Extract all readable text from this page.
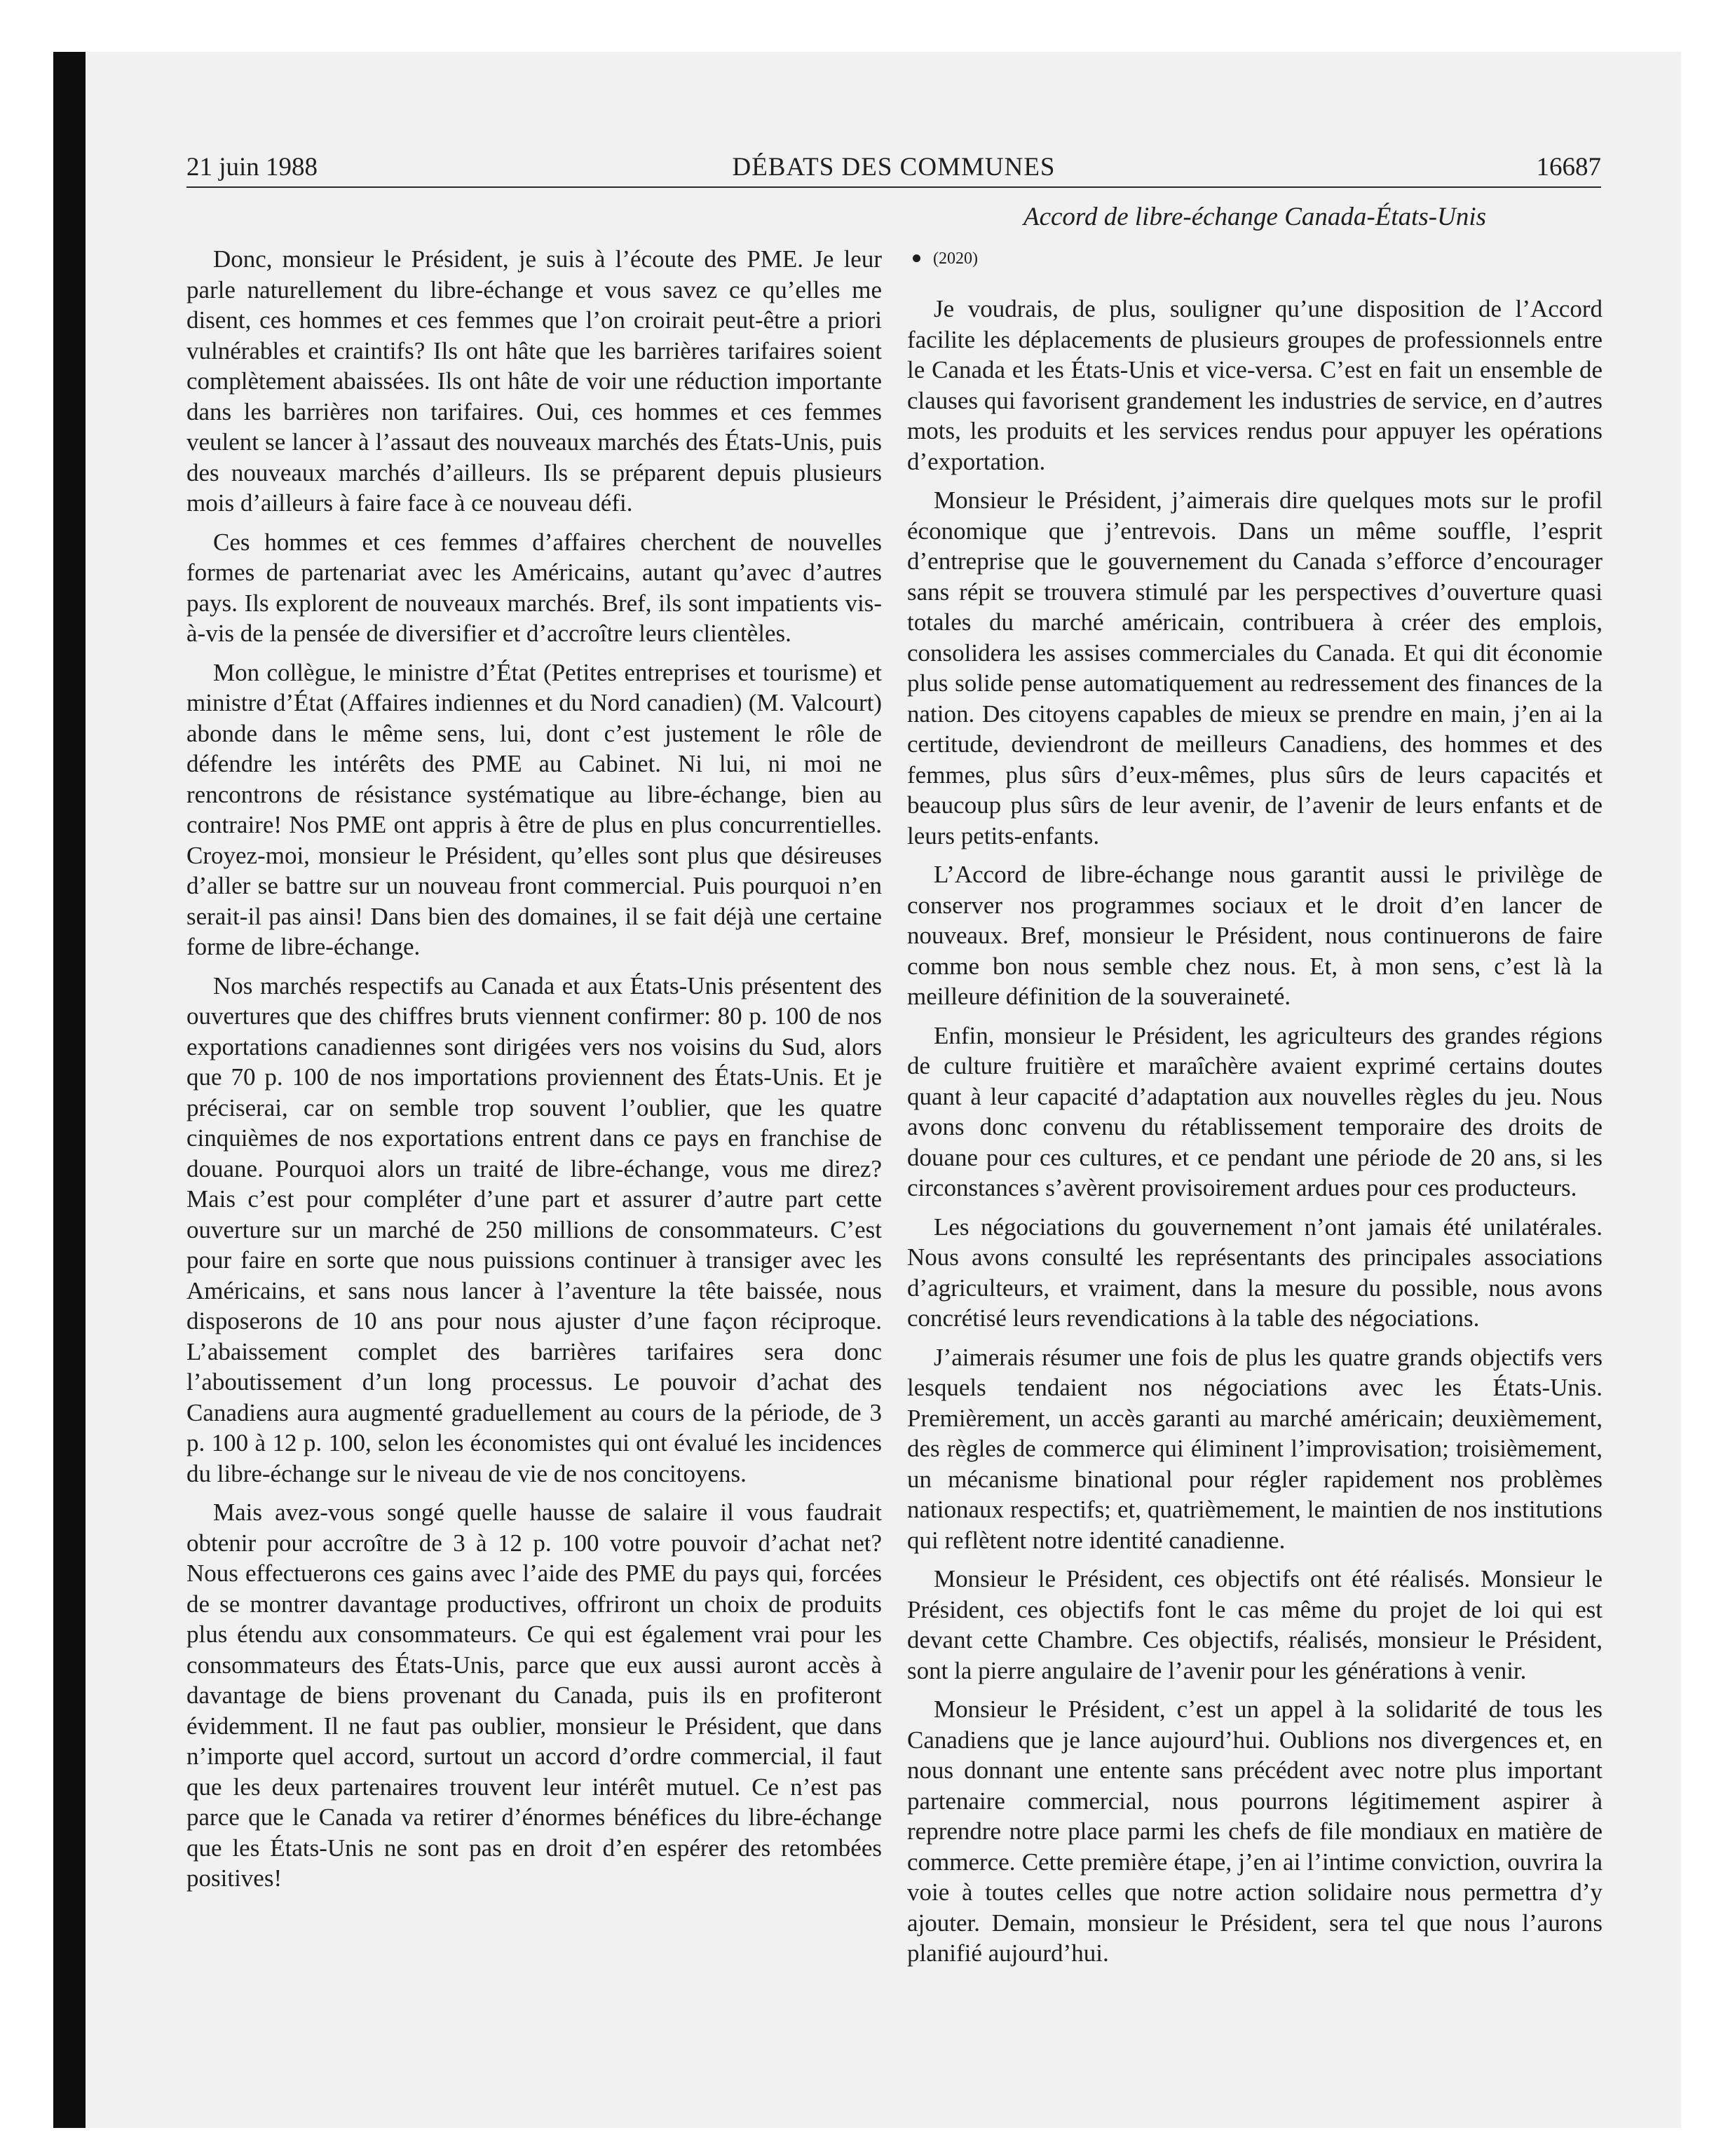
21 juin 1988	DÉBATS DES COMMUNES	16687
Accord de libre-échange Canada-États-Unis

Donc, monsieur le Président, je suis à l’écoute des PME. Je leur parle naturellement du libre-échange et vous savez ce qu’elles me disent, ces hommes et ces femmes que l’on croirait peut-être a priori vulnérables et craintifs? Ils ont hâte que les barrières tarifaires soient complètement abaissées. Ils ont hâte de voir une réduction importante dans les barrières non tarifaires. Oui, ces hommes et ces femmes veulent se lancer à l’assaut des nouveaux marchés des États-Unis, puis des nouveaux marchés d’ailleurs. Ils se préparent depuis plusieurs mois d’ailleurs à faire face à ce nouveau défi.

Ces hommes et ces femmes d’affaires cherchent de nouvelles formes de partenariat avec les Américains, autant qu’avec d’autres pays. Ils explorent de nouveaux marchés. Bref, ils sont impatients vis-à-vis de la pensée de diversifier et d’accroître leurs clientèles.

Mon collègue, le ministre d’État (Petites entreprises et tourisme) et ministre d’État (Affaires indiennes et du Nord canadien) (M. Valcourt) abonde dans le même sens, lui, dont c’est justement le rôle de défendre les intérêts des PME au Cabinet. Ni lui, ni moi ne rencontrons de résistance systématique au libre-échange, bien au contraire! Nos PME ont appris à être de plus en plus concurrentielles. Croyez-moi, monsieur le Président, qu’elles sont plus que désireuses d’aller se battre sur un nouveau front commercial. Puis pourquoi n’en serait-il pas ainsi! Dans bien des domaines, il se fait déjà une certaine forme de libre-échange.

Nos marchés respectifs au Canada et aux États-Unis présentent des ouvertures que des chiffres bruts viennent confirmer: 80 p. 100 de nos exportations canadiennes sont dirigées vers nos voisins du Sud, alors que 70 p. 100 de nos importations proviennent des États-Unis. Et je préciserai, car on semble trop souvent l’oublier, que les quatre cinquièmes de nos exportations entrent dans ce pays en franchise de douane. Pourquoi alors un traité de libre-échange, vous me direz? Mais c’est pour compléter d’une part et assurer d’autre part cette ouverture sur un marché de 250 millions de consommateurs. C’est pour faire en sorte que nous puissions continuer à transiger avec les Américains, et sans nous lancer à l’aventure la tête baissée, nous disposerons de 10 ans pour nous ajuster d’une façon réciproque. L’abaissement complet des barrières tarifaires sera donc l’aboutissement d’un long processus. Le pouvoir d’achat des Canadiens aura augmenté graduellement au cours de la période, de 3 p. 100 à 12 p. 100, selon les économistes qui ont évalué les incidences du libre-échange sur le niveau de vie de nos concitoyens.

Mais avez-vous songé quelle hausse de salaire il vous faudrait obtenir pour accroître de 3 à 12 p. 100 votre pouvoir d’achat net? Nous effectuerons ces gains avec l’aide des PME du pays qui, forcées de se montrer davantage productives, offriront un choix de produits plus étendu aux consommateurs. Ce qui est également vrai pour les consommateurs des États-Unis, parce que eux aussi auront accès à davantage de biens provenant du Canada, puis ils en profiteront évidemment. Il ne faut pas oublier, monsieur le Président, que dans n’importe quel accord, surtout un accord d’ordre commercial, il faut que les deux partenaires trouvent leur intérêt mutuel. Ce n’est pas parce que le Canada va retirer d’énormes bénéfices du libre-échange que les États-Unis ne sont pas en droit d’en espérer des retombées positives!

(2020)

Je voudrais, de plus, souligner qu’une disposition de l’Accord facilite les déplacements de plusieurs groupes de professionnels entre le Canada et les États-Unis et vice-versa. C’est en fait un ensemble de clauses qui favorisent grandement les industries de service, en d’autres mots, les produits et les services rendus pour appuyer les opérations d’exportation.

Monsieur le Président, j’aimerais dire quelques mots sur le profil économique que j’entrevois. Dans un même souffle, l’esprit d’entreprise que le gouvernement du Canada s’efforce d’encourager sans répit se trouvera stimulé par les perspectives d’ouverture quasi totales du marché américain, contribuera à créer des emplois, consolidera les assises commerciales du Canada. Et qui dit économie plus solide pense automatiquement au redressement des finances de la nation. Des citoyens capables de mieux se prendre en main, j’en ai la certitude, deviendront de meilleurs Canadiens, des hommes et des femmes, plus sûrs d’eux-mêmes, plus sûrs de leurs capacités et beaucoup plus sûrs de leur avenir, de l’avenir de leurs enfants et de leurs petits-enfants.

L’Accord de libre-échange nous garantit aussi le privilège de conserver nos programmes sociaux et le droit d’en lancer de nouveaux. Bref, monsieur le Président, nous continuerons de faire comme bon nous semble chez nous. Et, à mon sens, c’est là la meilleure définition de la souveraineté.

Enfin, monsieur le Président, les agriculteurs des grandes régions de culture fruitière et maraîchère avaient exprimé certains doutes quant à leur capacité d’adaptation aux nouvelles règles du jeu. Nous avons donc convenu du rétablissement temporaire des droits de douane pour ces cultures, et ce pendant une période de 20 ans, si les circonstances s’avèrent provisoirement ardues pour ces producteurs.

Les négociations du gouvernement n’ont jamais été unilatérales. Nous avons consulté les représentants des principales associations d’agriculteurs, et vraiment, dans la mesure du possible, nous avons concrétisé leurs revendications à la table des négociations.

J’aimerais résumer une fois de plus les quatre grands objectifs vers lesquels tendaient nos négociations avec les États-Unis. Premièrement, un accès garanti au marché américain; deuxièmement, des règles de commerce qui éliminent l’improvisation; troisièmement, un mécanisme binational pour régler rapidement nos problèmes nationaux respectifs; et, quatrièmement, le maintien de nos institutions qui reflètent notre identité canadienne.

Monsieur le Président, ces objectifs ont été réalisés. Monsieur le Président, ces objectifs font le cas même du projet de loi qui est devant cette Chambre. Ces objectifs, réalisés, monsieur le Président, sont la pierre angulaire de l’avenir pour les générations à venir.

Monsieur le Président, c’est un appel à la solidarité de tous les Canadiens que je lance aujourd’hui. Oublions nos divergences et, en nous donnant une entente sans précédent avec notre plus important partenaire commercial, nous pourrons légitimement aspirer à reprendre notre place parmi les chefs de file mondiaux en matière de commerce. Cette première étape, j’en ai l’intime conviction, ouvrira la voie à toutes celles que notre action solidaire nous permettra d’y ajouter. Demain, monsieur le Président, sera tel que nous l’aurons planifié aujourd’hui.
